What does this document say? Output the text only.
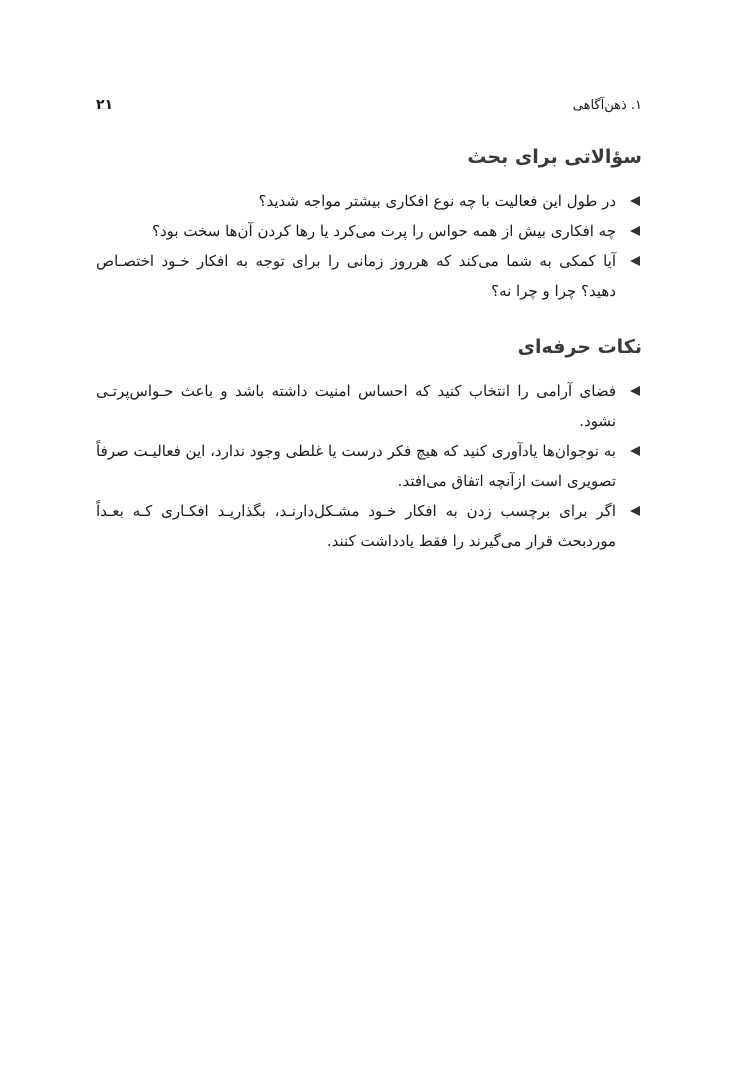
۱. ذهن‌آگاهی
۲۱
سؤالاتی برای بحث
در طول این فعالیت با چه نوع افکاری بیشتر مواجه شدید؟
چه افکاری بیش از همه حواس را پرت می‌کرد یا رها کردن آن‌ها سخت بود؟
آیا کمکی به شما می‌کند که هرروز زمانی را برای توجه به افکار خـود اختصـاص دهید؟ چرا و چرا نه؟
نکات حرفه‌ای
فضای آرامی را انتخاب کنید که احساس امنیت داشته باشد و باعث حـواس‌پرتـی نشود.
به نوجوان‌ها یادآوری کنید که هیچ فکر درست یا غلطی وجود ندارد، این فعالیـت صرفاً تصویری است ازآنچه اتفاق می‌افتد.
اگر برای برچسب زدن به افکار خـود مشـکل‌دارنـد، بگذاریـد افکـاری کـه بعـداً موردبحث قرار می‌گیرند را فقط یادداشت کنند.
